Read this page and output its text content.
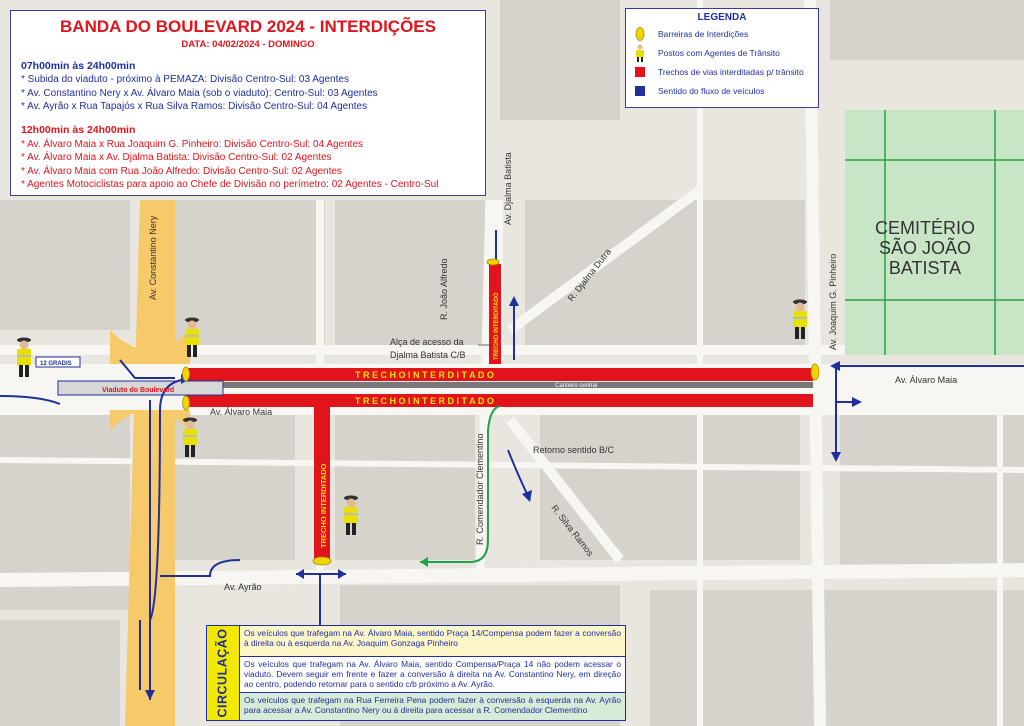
T R E C H O I N T E R D I T A D O
T R E C H O I N T E R D I T A D O
Canteiro central
Viaduto do Boulevard
12 GRADIS
TRECHO INTERDITADO
TRECHO INTERDITADO
Av. Constantino Nery
Av. Djalma Batista
R. João Alfredo	Av. Joaquim G. Pinheiro
R. Djalma Dutra
R. Comendador Clementino	R. Silva Ramos
Av. Álvaro Maia
Av. Álvaro Maia
Av. Ayrão
Retorno sentido B/C
Alça de acesso da
Djalma Batista C/B
CEMITÉRIO SÃO JOÃO BATISTA
BANDA DO BOULEVARD 2024 - INTERDIÇÕES
DATA: 04/02/2024 - DOMINGO
07h00min às 24h00min
* Subida do viaduto - próximo à PEMAZA: Divisão Centro-Sul: 03 Agentes
* Av. Constantino Nery x Av. Álvaro Maia (sob o viaduto): Centro-Sul: 03 Agentes
* Av. Ayrão x Rua Tapajós x Rua Silva Ramos: Divisão Centro-Sul: 04 Agentes
12h00min às 24h00min
* Av. Álvaro Maia x Rua Joaquim G. Pinheiro: Divisão Centro-Sul: 04 Agentes
* Av. Álvaro Maia x Av. Djalma Batista: Divisão Centro-Sul: 02 Agentes
* Av. Álvaro Maia com Rua João Alfredo: Divisão Centro-Sul: 02 Agentes
* Agentes Motociclistas para apoio ao Chefe de Divisão no perímetro: 02 Agentes - Centro-Sul
LEGENDA
Barreiras de Interdições
Postos com Agentes de Trânsito
Trechos de vias interditadas p/ trânsito
Sentido do fluxo de veículos
CIRCULAÇÃO	Os veículos que trafegam na Av. Álvaro Maia, sentido Praça 14/Compensa podem fazer a conversão à direita ou à esquerda na Av. Joaquim Gonzaga Pinheiro
Os veículos que trafegam na Av. Álvaro Maia, sentido Compensa/Praça 14 não podem acessar o viaduto. Devem seguir em frente e fazer a conversão à direita na Av. Constantino Nery, em direção ao centro, podendo retornar para o sentido c/b próximo a Av. Ayrão.
Os veículos que trafegam na Rua Ferreira Pena podem fazer à conversão à esquerda na Av. Ayrão para acessar a Av. Constantino Nery ou à direita para acessar a R. Comendador Clementino
